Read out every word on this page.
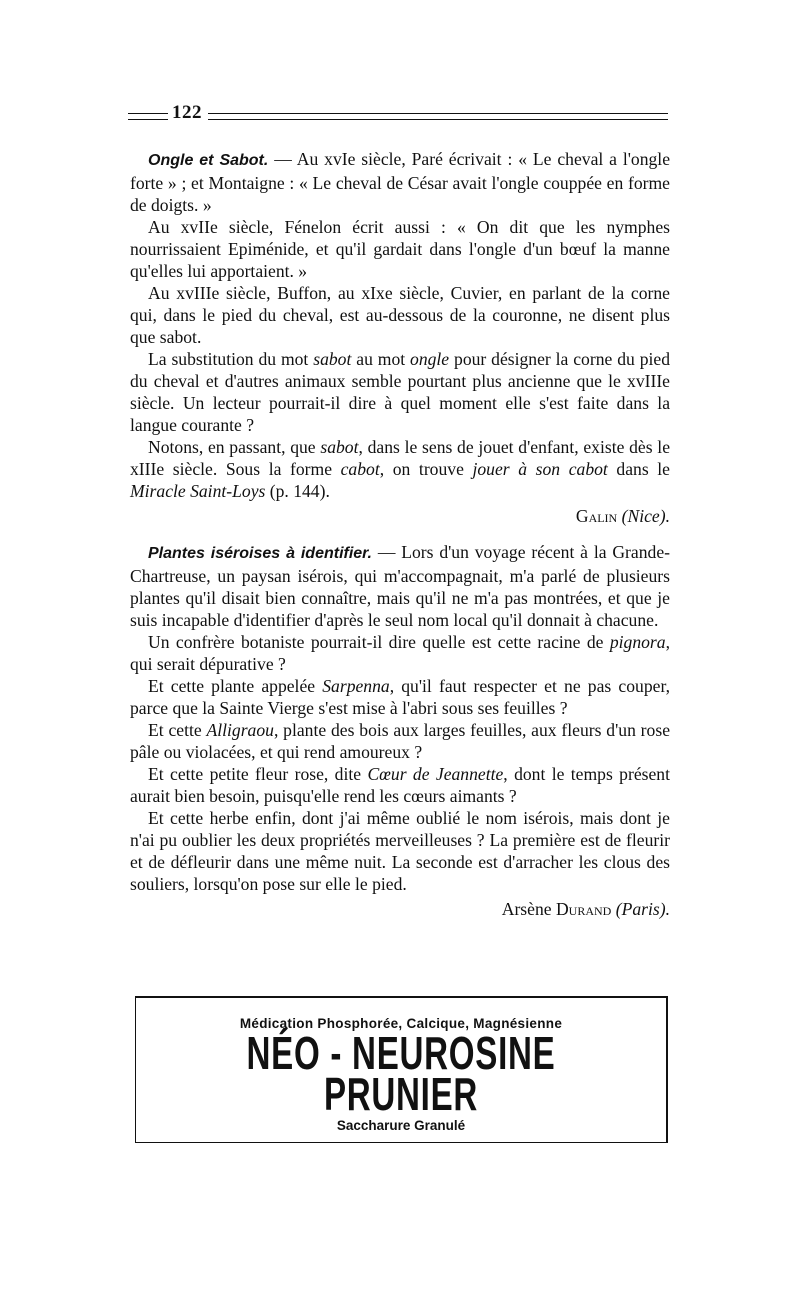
122

Ongle et Sabot. — Au xvIe siècle, Paré écrivait : « Le cheval a l'ongle forte » ; et Montaigne : « Le cheval de César avait l'ongle couppée en forme de doigts. »

Au xvIIe siècle, Fénelon écrit aussi : « On dit que les nymphes nourrissaient Epiménide, et qu'il gardait dans l'ongle d'un bœuf la manne qu'elles lui apportaient. »

Au xvIIIe siècle, Buffon, au xIxe siècle, Cuvier, en parlant de la corne qui, dans le pied du cheval, est au-dessous de la couronne, ne disent plus que sabot.

La substitution du mot sabot au mot ongle pour désigner la corne du pied du cheval et d'autres animaux semble pourtant plus ancienne que le xvIIIe siècle. Un lecteur pourrait-il dire à quel moment elle s'est faite dans la langue courante ?

Notons, en passant, que sabot, dans le sens de jouet d'enfant, existe dès le xIIIe siècle. Sous la forme cabot, on trouve jouer à son cabot dans le Miracle Saint-Loys (p. 144).

Galin (Nice).

Plantes iséroises à identifier. — Lors d'un voyage récent à la Grande-Chartreuse, un paysan isérois, qui m'accompagnait, m'a parlé de plusieurs plantes qu'il disait bien connaître, mais qu'il ne m'a pas montrées, et que je suis incapable d'identifier d'après le seul nom local qu'il donnait à chacune.

Un confrère botaniste pourrait-il dire quelle est cette racine de pignora, qui serait dépurative ?

Et cette plante appelée Sarpenna, qu'il faut respecter et ne pas couper, parce que la Sainte Vierge s'est mise à l'abri sous ses feuilles ?

Et cette Alligraou, plante des bois aux larges feuilles, aux fleurs d'un rose pâle ou violacées, et qui rend amoureux ?

Et cette petite fleur rose, dite Cœur de Jeannette, dont le temps présent aurait bien besoin, puisqu'elle rend les cœurs aimants ?

Et cette herbe enfin, dont j'ai même oublié le nom isérois, mais dont je n'ai pu oublier les deux propriétés merveilleuses ? La première est de fleurir et de défleurir dans une même nuit. La seconde est d'arracher les clous des souliers, lorsqu'on pose sur elle le pied.

Arsène Durand (Paris).

Médication Phosphorée, Calcique, Magnésienne
NÉO - NEUROSINE
PRUNIER
Saccharure Granulé
